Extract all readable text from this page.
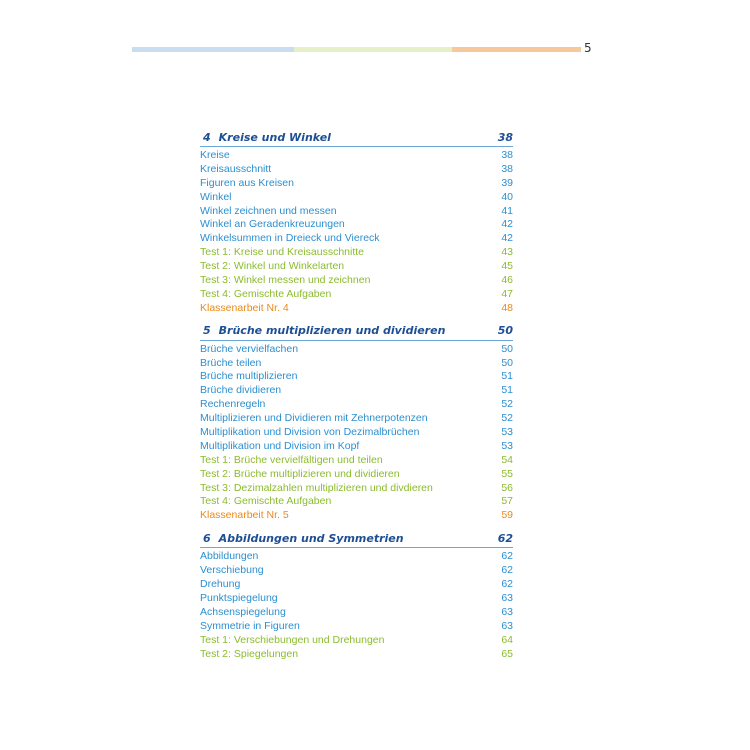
5
4 Kreise und Winkel	38
Kreise	38
Kreisausschnitt	38
Figuren aus Kreisen	39
Winkel	40
Winkel zeichnen und messen	41
Winkel an Geradenkreuzungen	42
Winkelsummen in Dreieck und Viereck	42
Test 1: Kreise und Kreisausschnitte	43
Test 2: Winkel und Winkelarten	45
Test 3: Winkel messen und zeichnen	46
Test 4: Gemischte Aufgaben	47
Klassenarbeit Nr. 4	48
5 Brüche multiplizieren und dividieren	50
Brüche vervielfachen	50
Brüche teilen	50
Brüche multiplizieren	51
Brüche dividieren	51
Rechenregeln	52
Multiplizieren und Dividieren mit Zehnerpotenzen	52
Multiplikation und Division von Dezimalbrüchen	53
Multiplikation und Division im Kopf	53
Test 1: Brüche vervielfältigen und teilen	54
Test 2: Brüche multiplizieren und dividieren	55
Test 3: Dezimalzahlen multiplizieren und divdieren	56
Test 4: Gemischte Aufgaben	57
Klassenarbeit Nr. 5	59
6 Abbildungen und Symmetrien	62
Abbildungen	62
Verschiebung	62
Drehung	62
Punktspiegelung	63
Achsenspiegelung	63
Symmetrie in Figuren	63
Test 1: Verschiebungen und Drehungen	64
Test 2: Spiegelungen	65
